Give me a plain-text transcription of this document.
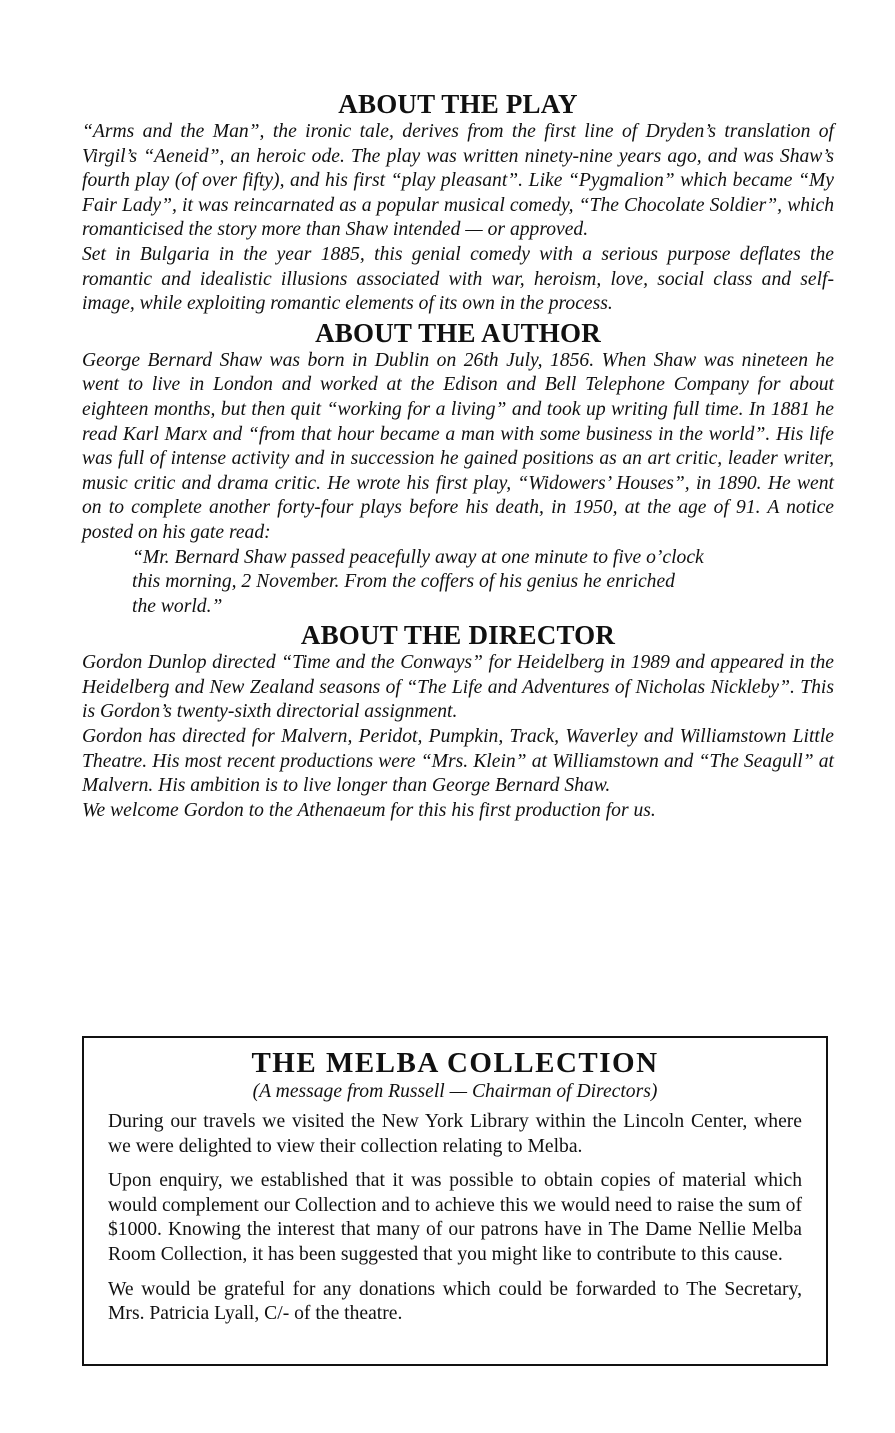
ABOUT THE PLAY

“Arms and the Man”, the ironic tale, derives from the first line of Dryden’s translation of Virgil’s “Aeneid”, an heroic ode. The play was written ninety-nine years ago, and was Shaw’s fourth play (of over fifty), and his first “play pleasant”. Like “Pygmalion” which became “My Fair Lady”, it was reincarnated as a popular musical comedy, “The Chocolate Soldier”, which romanticised the story more than Shaw intended — or approved.

Set in Bulgaria in the year 1885, this genial comedy with a serious purpose deflates the romantic and idealistic illusions associated with war, heroism, love, social class and self-image, while exploiting romantic elements of its own in the process.

ABOUT THE AUTHOR

George Bernard Shaw was born in Dublin on 26th July, 1856. When Shaw was nineteen he went to live in London and worked at the Edison and Bell Telephone Company for about eighteen months, but then quit “working for a living” and took up writing full time. In 1881 he read Karl Marx and “from that hour became a man with some business in the world”. His life was full of intense activity and in succession he gained positions as an art critic, leader writer, music critic and drama critic. He wrote his first play, “Widowers’ Houses”, in 1890. He went on to complete another forty-four plays before his death, in 1950, at the age of 91. A notice posted on his gate read:

“Mr. Bernard Shaw passed peacefully away at one minute to five o’clock
this morning, 2 November. From the coffers of his genius he enriched
the world.”
ABOUT THE DIRECTOR

Gordon Dunlop directed “Time and the Conways” for Heidelberg in 1989 and appeared in the Heidelberg and New Zealand seasons of “The Life and Adventures of Nicholas Nickleby”. This is Gordon’s twenty-sixth directorial assignment.

Gordon has directed for Malvern, Peridot, Pumpkin, Track, Waverley and Williamstown Little Theatre. His most recent productions were “Mrs. Klein” at Williamstown and “The Seagull” at Malvern. His ambition is to live longer than George Bernard Shaw.

We welcome Gordon to the Athenaeum for this his first production for us.

THE MELBA COLLECTION

(A message from Russell — Chairman of Directors)

During our travels we visited the New York Library within the Lincoln Center, where we were delighted to view their collection relating to Melba.

Upon enquiry, we established that it was possible to obtain copies of material which would complement our Collection and to achieve this we would need to raise the sum of $1000. Knowing the interest that many of our patrons have in The Dame Nellie Melba Room Collection, it has been suggested that you might like to contribute to this cause.

We would be grateful for any donations which could be forwarded to The Secretary, Mrs. Patricia Lyall, C/- of the theatre.
